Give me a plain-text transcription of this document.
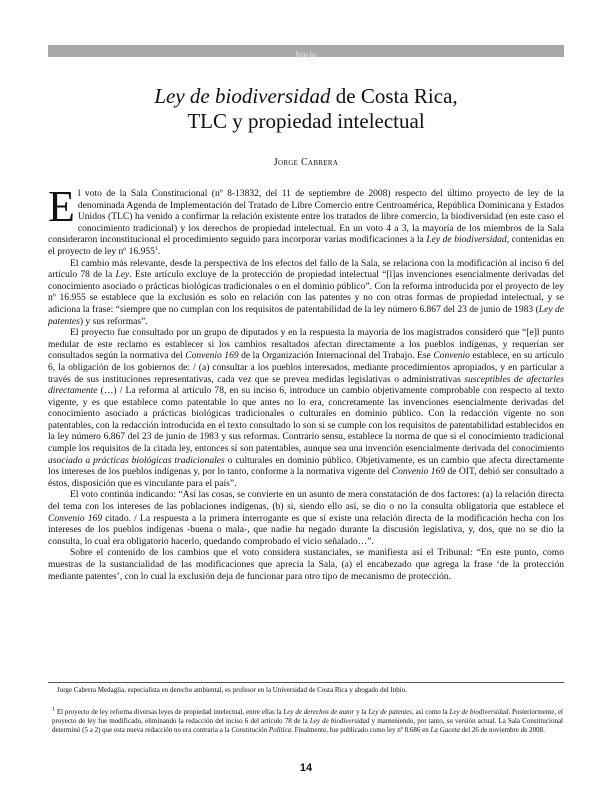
Inicio
Ley de biodiversidad de Costa Rica,
TLC y propiedad intelectual
Jorge Cabrera

El voto de la Sala Constitucional (nº 8-13832, del 11 de septiembre de 2008) respecto del último proyecto de ley de la denominada Agenda de Implementación del Tratado de Libre Comercio entre Centroamérica, República Dominicana y Estados Unidos (TLC) ha venido a confirmar la relación existente entre los tratados de libre comercio, la biodiversidad (en este caso el conocimiento tradicional) y los derechos de propiedad intelectual. En un voto 4 a 3, la mayoría de los miembros de la Sala consideraron inconstitucional el procedimiento seguido para incorporar varias modificaciones a la Ley de biodiversidad, contenidas en el proyecto de ley nº 16.955$^1$.

El cambio más relevante, desde la perspectiva de los efectos del fallo de la Sala, se relaciona con la modificación al inciso 6 del artículo 78 de la Ley. Este artículo excluye de la protección de propiedad intelectual “[l]as invenciones esencialmente derivadas del conocimiento asociado o prácticas biológicas tradicionales o en el dominio público”. Con la reforma introducida por el proyecto de ley nº 16.955 se establece que la exclusión es solo en relación con las patentes y no con otras formas de propiedad intelectual, y se adiciona la frase: “siempre que no cumplan con los requisitos de patentabilidad de la ley número 6.867 del 23 de junio de 1983 (Ley de patentes) y sus reformas”.

El proyecto fue consultado por un grupo de diputados y en la respuesta la mayoría de los magistrados consideró que “[e]l punto medular de este reclamo es establecer si los cambios resaltados afectan directamente a los pueblos indígenas, y requerían ser consultados según la normativa del Convenio 169 de la Organización Internacional del Trabajo. Ese Convenio establece, en su artículo 6, la obligación de los gobiernos de: / (a) consultar a los pueblos interesados, mediante procedimientos apropiados, y en particular a través de sus instituciones representativas, cada vez que se prevea medidas legislativas o administrativas susceptibles de afectarles directamente (…) / La reforma al artículo 78, en su inciso 6, introduce un cambio objetivamente comprobable con respecto al texto vigente, y es que establece como patentable lo que antes no lo era, concretamente las invenciones esencialmente derivadas del conocimiento asociado a prácticas biológicas tradicionales o culturales en dominio público. Con la redacción vigente no son patentables, con la redacción introducida en el texto consultado lo son si se cumple con los requisitos de patentabilidad establecidos en la ley número 6.867 del 23 de junio de 1983 y sus reformas. Contrario sensu, establece la norma de que si el conocimiento tradicional cumple los requisitos de la citada ley, entonces sí son patentables, aunque sea una invención esencialmente derivada del conocimiento asociado a prácticas biológicas tradicionales o culturales en dominio público. Objetivamente, es un cambio que afecta directamente los intereses de los pueblos indígenas y, por lo tanto, conforme a la normativa vigente del Convenio 169 de OIT, debió ser consultado a éstos, disposición que es vinculante para el país”.

El voto continúa indicando: “Así las cosas, se convierte en un asunto de mera constatación de dos factores: (a) la relación directa del tema con los intereses de las poblaciones indígenas, (b) si, siendo ello así, se dio o no la consulta obligatoria que establece el Convenio 169 citado. / La respuesta a la primera interrogante es que sí existe una relación directa de la modificación hecha con los intereses de los pueblos indígenas -buena o mala-, que nadie ha negado durante la discusión legislativa, y, dos, que no se dio la consulta, lo cual era obligatorio hacerlo, quedando comprobado el vicio señalado…”.

Sobre el contenido de los cambios que el voto considera sustanciales, se manifiesta así el Tribunal: “En este punto, como muestras de la sustancialidad de las modificaciones que aprecia la Sala, (a) el encabezado que agrega la frase ‘de la protección mediante patentes’, con lo cual la exclusión deja de funcionar para otro tipo de mecanismo de protección.

Jorge Cabrera Medaglia, especialista en derecho ambiental, es profesor en la Universidad de Costa Rica y abogado del Inbio.
$^1$ El proyecto de ley reforma diversas leyes de propiedad intelectual, entre ellas la Ley de derechos de autor y la Ley de patentes, así como la Ley de biodiversidad. Posteriormente, el proyecto de ley fue modificado, eliminando la redacción del inciso 6 del artículo 78 de la Ley de biodiversidad y manteniendo, por tanto, su versión actual. La Sala Constitucional determinó (5 a 2) que esta nueva redacción no era contraria a la Constitución Política. Finalmente, fue publicado como ley nº 8.686 en La Gaceta del 26 de noviembre de 2008.
14
